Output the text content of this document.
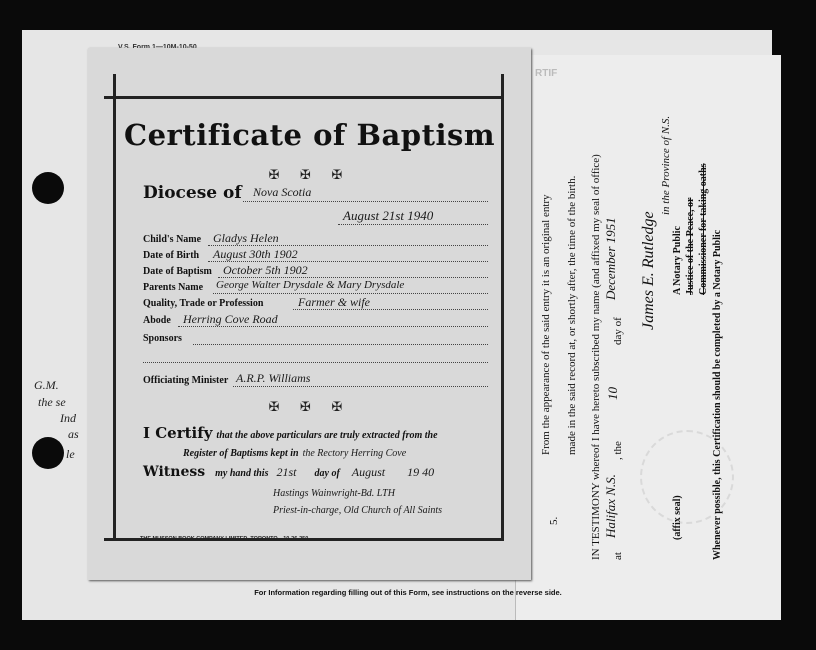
RTIF
G.M.
the se
Ind
as
le
Certificate of Baptism
✠ ✠ ✠
Diocese of Nova Scotia
August 21st 1940
Child's Name Gladys Helen
Date of Birth August 30th 1902
Date of Baptism October 5th 1902
Parents Name George Walter Drysdale & Mary Drysdale
Quality, Trade or Profession	Farmer & wife
Abode Herring Cove Road
Sponsors
Officiating Minister A.R.P. Williams
✠ ✠ ✠
I Certify that the above particulars are truly extracted from the
Register of Baptisms kept in the Rectory Herring Cove
Witness my hand this 21st day of August 19 40
Hastings Wainwright-Bd. LTH
Priest-in-charge, Old Church of All Saints
THE MUSSON BOOK COMPANY LIMITED, TORONTO—10-26-250
5.
From the appearance of the said entry it is an original entry made in the said record at, or shortly after, the time of the birth. IN TESTIMONY whereof I have hereto subscribed my name (and affixed my seal of office) at
Halifax N.S.
, the
10
day of
December 1951 James E. Rutledge A Notary Public Justice of the Peace, or Commissioner for taking oaths
in the Province of N.S.
(affix seal)	Whenever possible, this Certification should be completed by a Notary Public
For Information regarding filling out of this Form, see instructions on the reverse side.
